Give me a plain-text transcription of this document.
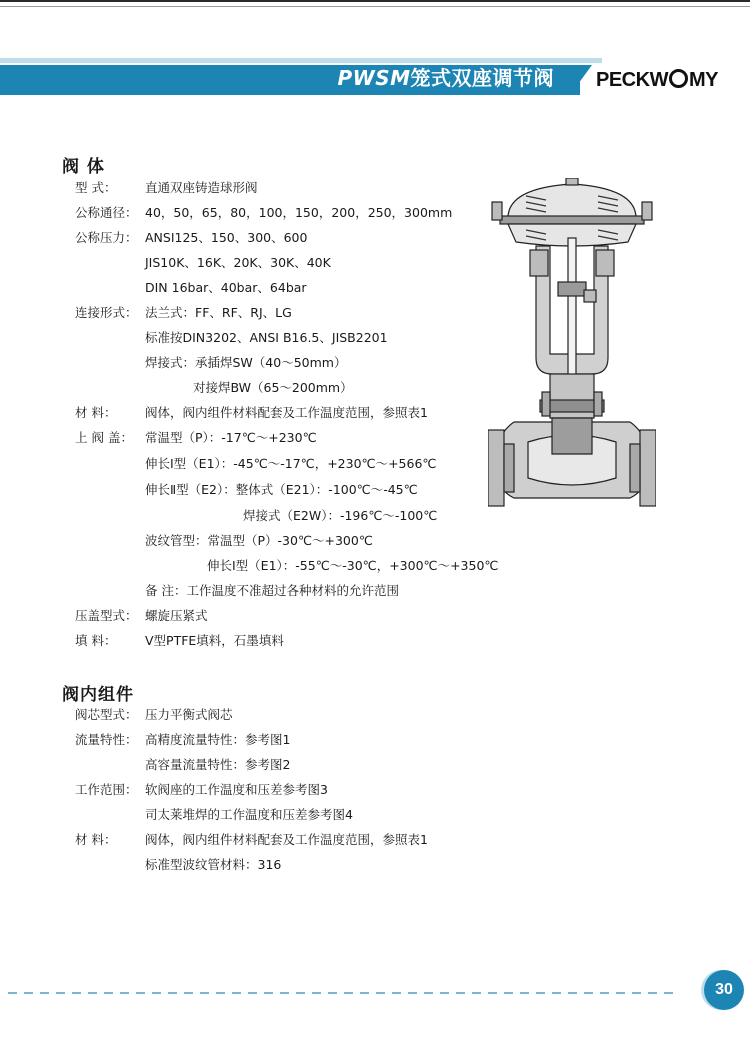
PWSM笼式双座调节阀 PECKW MY
阀 体
型 式： 直通双座铸造球形阀
公称通径： 40，50，65，80，100，150，200，250，300mm
公称压力： ANSI125、150、300、600
JIS10K、16K、20K、30K、40K
DIN 16bar、40bar、64bar
连接形式： 法兰式：FF、RF、RJ、LG
标准按DIN3202、ANSI B16.5、JISB2201
焊接式：承插焊SW（40～50mm）
对接焊BW（65～200mm）
材 料： 阀体，阀内组件材料配套及工作温度范围，参照表1
上 阀 盖： 常温型（P）：-17℃～+230℃
伸长Ⅰ型（E1）：-45℃～-17℃，+230℃～+566℃
伸长Ⅱ型（E2）：整体式（E21）：-100℃～-45℃
焊接式（E2W）：-196℃～-100℃
波纹管型：常温型（P）-30℃～+300℃
伸长Ⅰ型（E1）：-55℃～-30℃，+300℃～+350℃
备 注：工作温度不准超过各种材料的允许范围
压盖型式： 螺旋压紧式
填 料： V型PTFE填料，石墨填料
阀内组件
阀芯型式： 压力平衡式阀芯
流量特性： 高精度流量特性：参考图1
高容量流量特性：参考图2
工作范围： 软阀座的工作温度和压差参考图3
司太莱堆焊的工作温度和压差参考图4
材 料： 阀体，阀内组件材料配套及工作温度范围，参照表1
标准型波纹管材料：316
30
